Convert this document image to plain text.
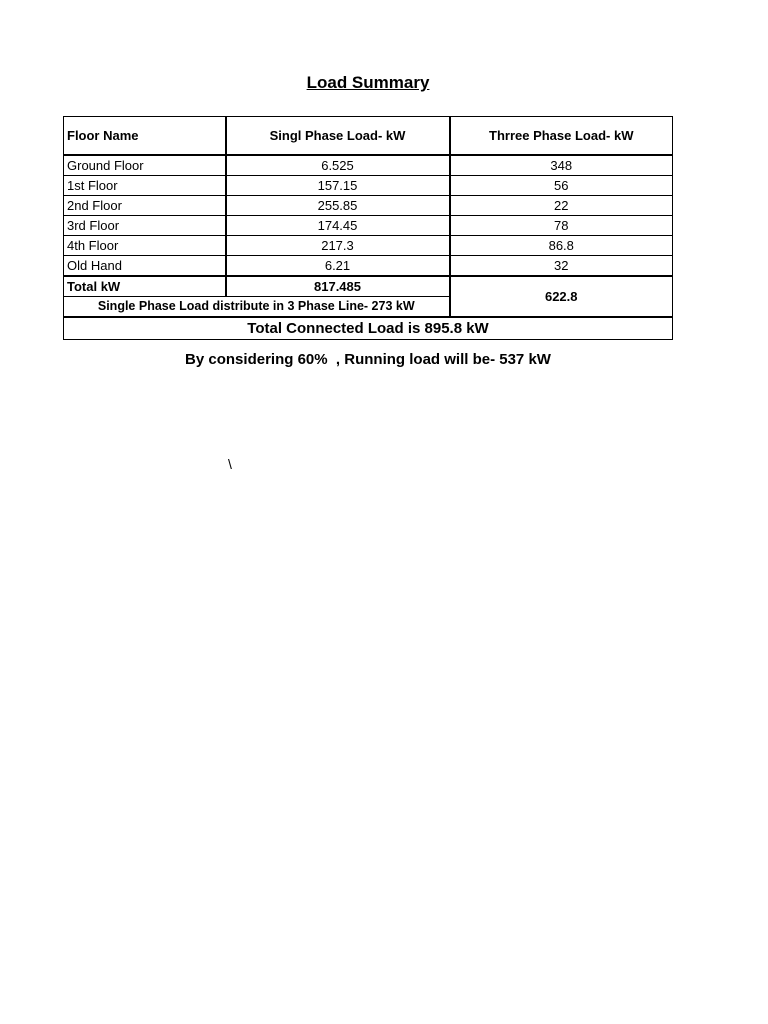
Load Summary
Floor Name	Singl Phase Load- kW	Thrree Phase Load- kW
Ground Floor	6.525	348
1st Floor	157.15	56
2nd Floor	255.85	22
3rd Floor	174.45	78
4th Floor	217.3	86.8
Old Hand	6.21	32
Total kW	817.485	622.8
Single Phase Load distribute in 3 Phase Line- 273 kW		
Total Connected Load is 895.8 kW		
By considering 60%  , Running load will be- 537 kW
\
